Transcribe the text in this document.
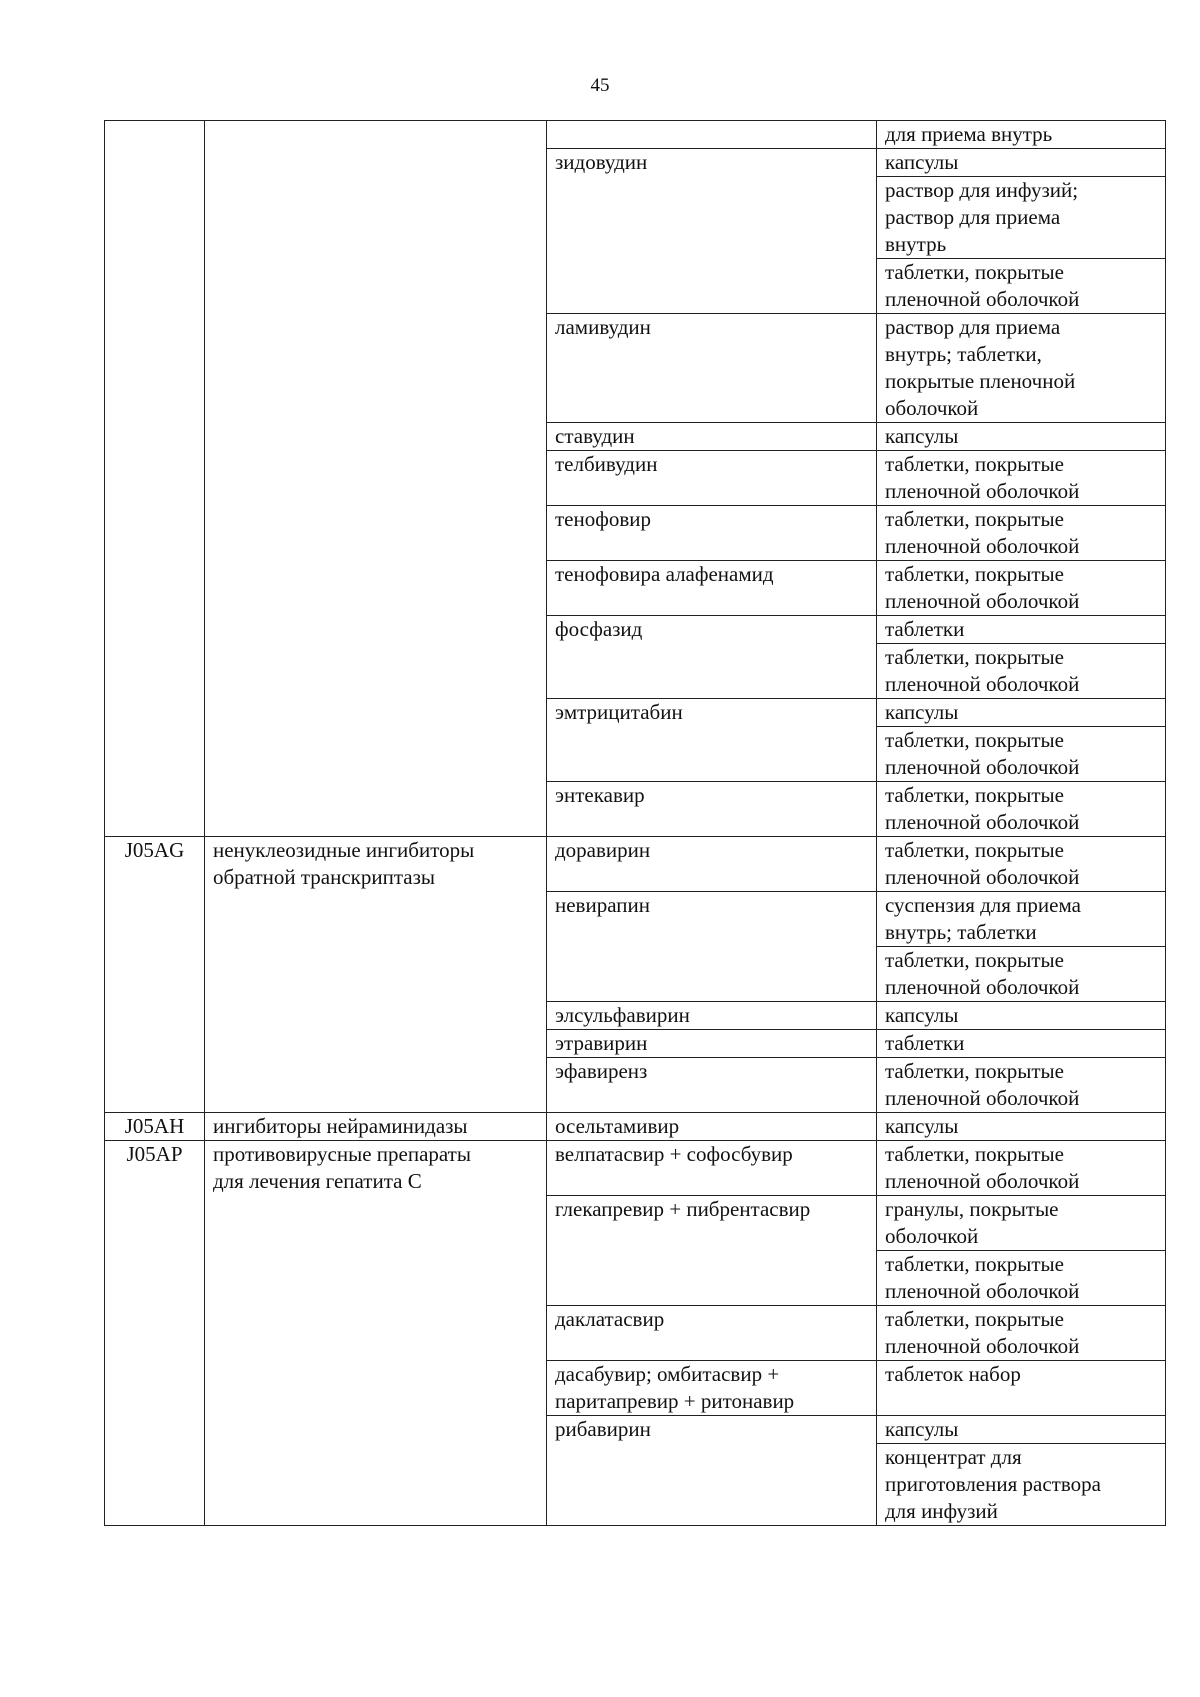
45
			для приема внутрь
		зидовудин	капсулы
			раствор для инфузий;
раствор для приема
внутрь
			таблетки, покрытые
пленочной оболочкой
		ламивудин	раствор для приема
внутрь; таблетки,
покрытые пленочной
оболочкой
		ставудин	капсулы
		телбивудин	таблетки, покрытые
пленочной оболочкой
		тенофовир	таблетки, покрытые
пленочной оболочкой
		тенофовира алафенамид	таблетки, покрытые
пленочной оболочкой
		фосфазид	таблетки
			таблетки, покрытые
пленочной оболочкой
		эмтрицитабин	капсулы
			таблетки, покрытые
пленочной оболочкой
		энтекавир	таблетки, покрытые
пленочной оболочкой
J05AG	ненуклеозидные ингибиторы
обратной транскриптазы	доравирин	таблетки, покрытые
пленочной оболочкой
		невирапин	суспензия для приема
внутрь; таблетки
			таблетки, покрытые
пленочной оболочкой
		элсульфавирин	капсулы
		этравирин	таблетки
		эфавиренз	таблетки, покрытые
пленочной оболочкой
J05AH	ингибиторы нейраминидазы	осельтамивир	капсулы
J05AP	противовирусные препараты
для лечения гепатита С	велпатасвир + софосбувир	таблетки, покрытые
пленочной оболочкой
		глекапревир + пибрентасвир	гранулы, покрытые
оболочкой
			таблетки, покрытые
пленочной оболочкой
		даклатасвир	таблетки, покрытые
пленочной оболочкой
		дасабувир; омбитасвир +
паритапревир + ритонавир	таблеток набор
		рибавирин	капсулы
			концентрат для
приготовления раствора
для инфузий
